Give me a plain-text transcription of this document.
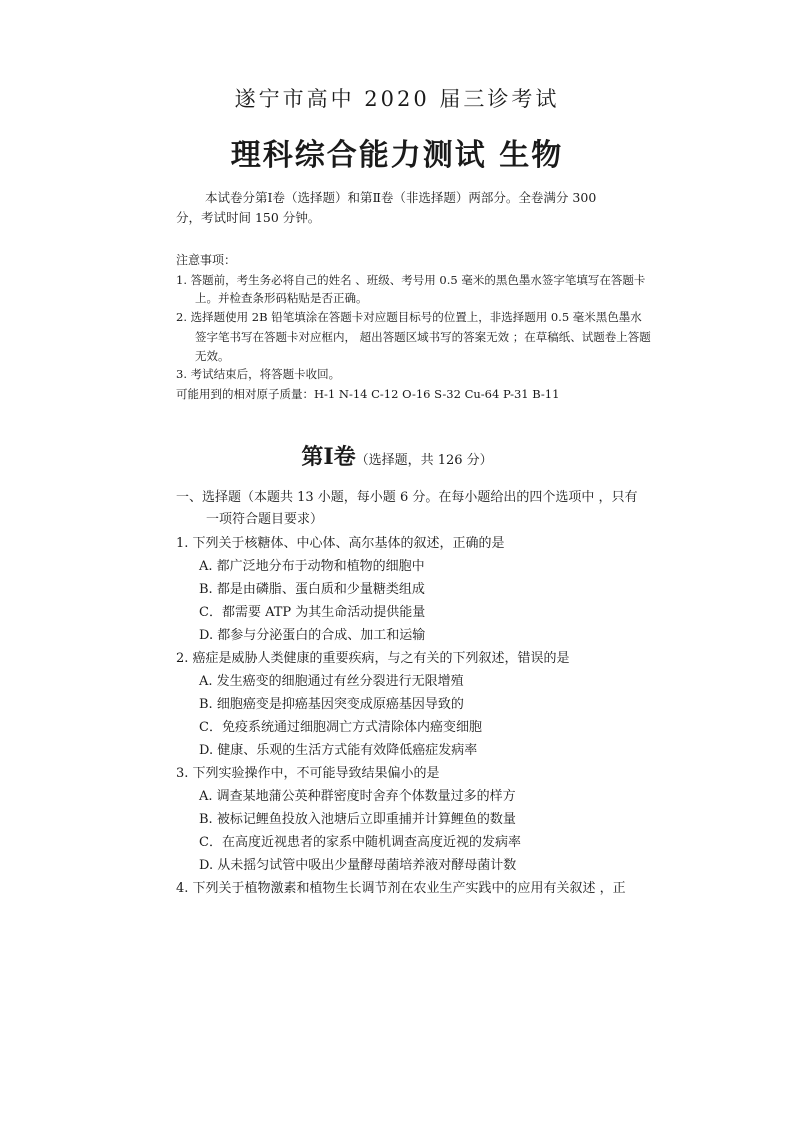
遂宁市高中 2020 届三诊考试
理科综合能力测试 生物
本试卷分第Ⅰ卷（选择题）和第Ⅱ卷（非选择题）两部分。全卷满分 300
分，考试时间 150 分钟。
注意事项：
1. 答题前，考生务必将自己的姓名 、班级、考号用 0.5 毫米的黑色墨水签字笔填写在答题卡
上。并检查条形码粘贴是否正确。
2. 选择题使用 2B 铅笔填涂在答题卡对应题目标号的位置上，非选择题用 0.5 毫米黑色墨水
签字笔书写在答题卡对应框内， 超出答题区域书写的答案无效 ；在草稿纸、试题卷上答题
无效。
3. 考试结束后，将答题卡收回。
可能用到的相对原子质量：H-1 N-14 C-12 O-16 S-32 Cu-64 P-31 B-11
第Ⅰ卷（选择题，共 126 分）
一、选择题（本题共 13 小题，每小题 6 分。在每小题给出的四个选项中 ，只有
一项符合题目要求）
1. 下列关于核糖体、中心体、高尔基体的叙述，正确的是
A. 都广泛地分布于动物和植物的细胞中
B. 都是由磷脂、蛋白质和少量糖类组成
C．都需要 ATP 为其生命活动提供能量
D. 都参与分泌蛋白的合成、加工和运输
2. 癌症是威胁人类健康的重要疾病，与之有关的下列叙述，错误的是
A. 发生癌变的细胞通过有丝分裂进行无限增殖
B. 细胞癌变是抑癌基因突变成原癌基因导致的
C．免疫系统通过细胞凋亡方式清除体内癌变细胞
D. 健康、乐观的生活方式能有效降低癌症发病率
3. 下列实验操作中，不可能导致结果偏小的是
A. 调查某地蒲公英种群密度时舍弃个体数量过多的样方
B. 被标记鲤鱼投放入池塘后立即重捕并计算鲤鱼的数量
C．在高度近视患者的家系中随机调查高度近视的发病率
D. 从未摇匀试管中吸出少量酵母菌培养液对酵母菌计数
4. 下列关于植物激素和植物生长调节剂在农业生产实践中的应用有关叙述 ，正
